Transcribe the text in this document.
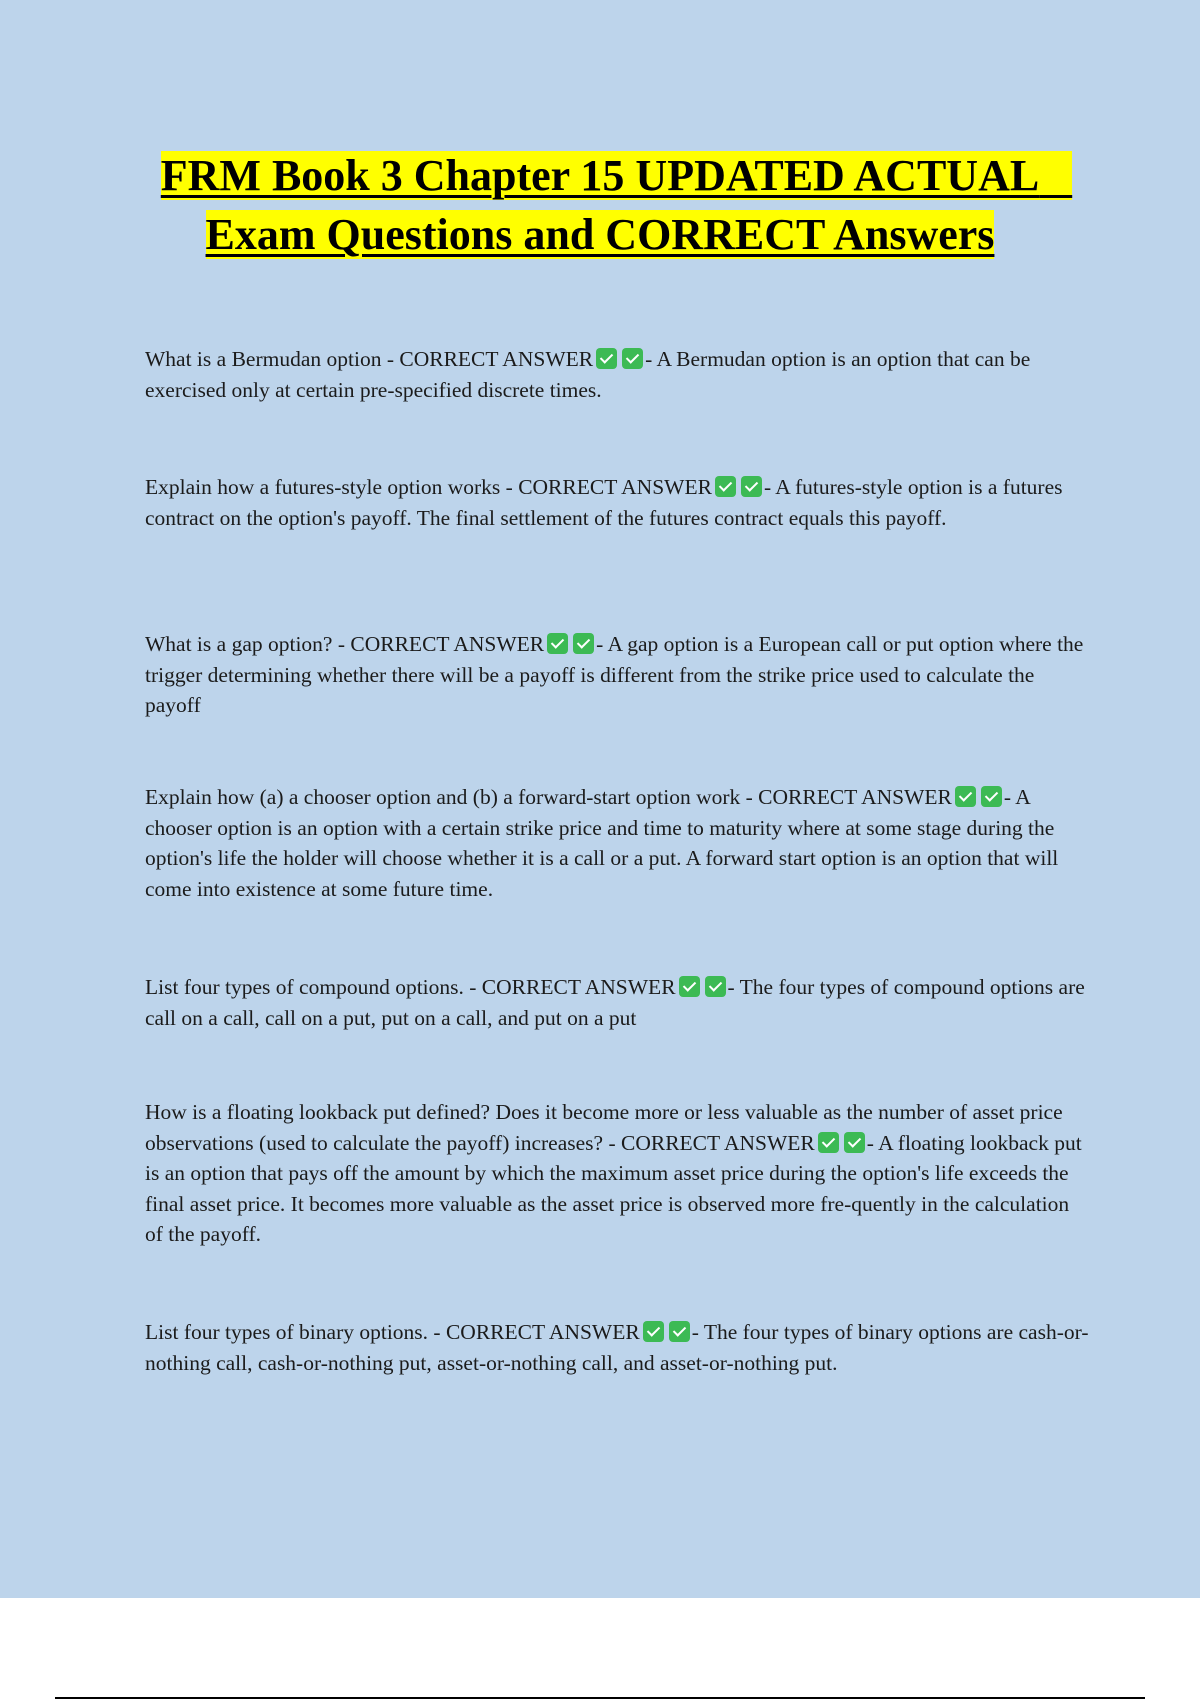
FRM Book 3 Chapter 15 UPDATED ACTUAL   Exam Questions and CORRECT Answers

What is a Bermudan option - CORRECT ANSWER - A Bermudan option is an option that can be exercised only at certain pre-specified discrete times.

Explain how a futures-style option works - CORRECT ANSWER - A futures-style option is a futures contract on the option's payoff. The final settlement of the futures contract equals this payoff.

What is a gap option? - CORRECT ANSWER - A gap option is a European call or put option where the trigger determining whether there will be a payoff is different from the strike price used to calculate the payoff

Explain how (a) a chooser option and (b) a forward-start option work - CORRECT ANSWER - A chooser option is an option with a certain strike price and time to maturity where at some stage during the option's life the holder will choose whether it is a call or a put. A forward start option is an option that will come into existence at some future time.

List four types of compound options. - CORRECT ANSWER - The four types of compound options are call on a call, call on a put, put on a call, and put on a put

How is a floating lookback put defined? Does it become more or less valuable as the number of asset price observations (used to calculate the payoff) increases? - CORRECT ANSWER - A floating lookback put is an option that pays off the amount by which the maximum asset price during the option's life exceeds the final asset price. It becomes more valuable as the asset price is observed more fre-quently in the calculation of the payoff.

List four types of binary options. - CORRECT ANSWER - The four types of binary options are cash-or-nothing call, cash-or-nothing put, asset-or-nothing call, and asset-or-nothing put.
